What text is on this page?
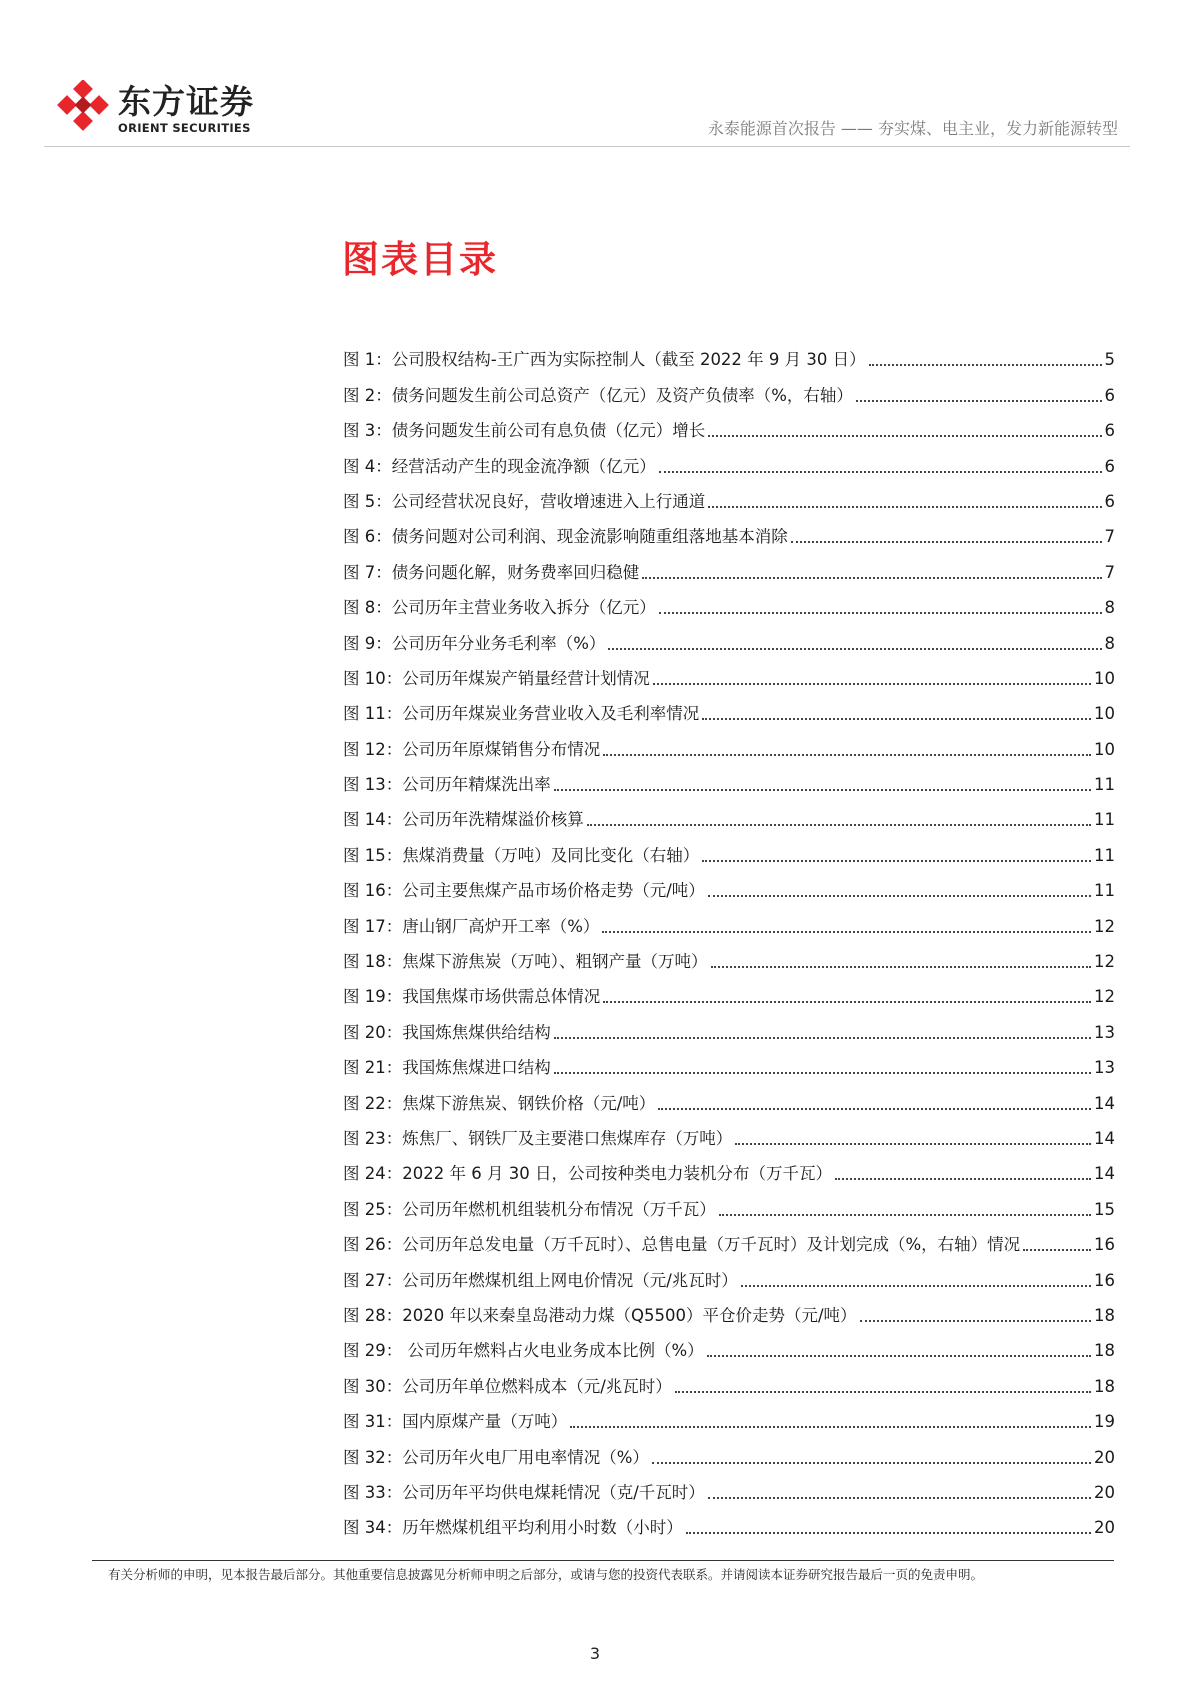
东方证券
ORIENT SECURITIES	永泰能源首次报告 —— 夯实煤、电主业，发力新能源转型
图表目录
图 1：公司股权结构-王广西为实际控制人（截至 2022 年 9 月 30 日）	5
图 2：债务问题发生前公司总资产（亿元）及资产负债率（%，右轴）	6
图 3：债务问题发生前公司有息负债（亿元）增长	6
图 4：经营活动产生的现金流净额（亿元）	6
图 5：公司经营状况良好，营收增速进入上行通道	6
图 6：债务问题对公司利润、现金流影响随重组落地基本消除	7
图 7：债务问题化解，财务费率回归稳健	7
图 8：公司历年主营业务收入拆分（亿元）	8
图 9：公司历年分业务毛利率（%）	8
图 10：公司历年煤炭产销量经营计划情况	10
图 11：公司历年煤炭业务营业收入及毛利率情况	10
图 12：公司历年原煤销售分布情况	10
图 13：公司历年精煤洗出率	11
图 14：公司历年洗精煤溢价核算	11
图 15：焦煤消费量（万吨）及同比变化（右轴）	11
图 16：公司主要焦煤产品市场价格走势（元/吨）	11
图 17：唐山钢厂高炉开工率（%）	12
图 18：焦煤下游焦炭（万吨）、粗钢产量（万吨）	12
图 19：我国焦煤市场供需总体情况	12
图 20：我国炼焦煤供给结构	13
图 21：我国炼焦煤进口结构	13
图 22：焦煤下游焦炭、钢铁价格（元/吨）	14
图 23：炼焦厂、钢铁厂及主要港口焦煤库存（万吨）	14
图 24：2022 年 6 月 30 日，公司按种类电力装机分布（万千瓦）	14
图 25：公司历年燃机机组装机分布情况（万千瓦）	15
图 26：公司历年总发电量（万千瓦时）、总售电量（万千瓦时）及计划完成（%，右轴）情况	16
图 27：公司历年燃煤机组上网电价情况（元/兆瓦时）	16
图 28：2020 年以来秦皇岛港动力煤（Q5500）平仓价走势（元/吨）	18
图 29： 公司历年燃料占火电业务成本比例（%）	18
图 30：公司历年单位燃料成本（元/兆瓦时）	18
图 31：国内原煤产量（万吨）	19
图 32：公司历年火电厂用电率情况（%）	20
图 33：公司历年平均供电煤耗情况（克/千瓦时）	20
图 34：历年燃煤机组平均利用小时数（小时）	20
有关分析师的申明，见本报告最后部分。其他重要信息披露见分析师申明之后部分，或请与您的投资代表联系。并请阅读本证券研究报告最后一页的免责申明。
3
